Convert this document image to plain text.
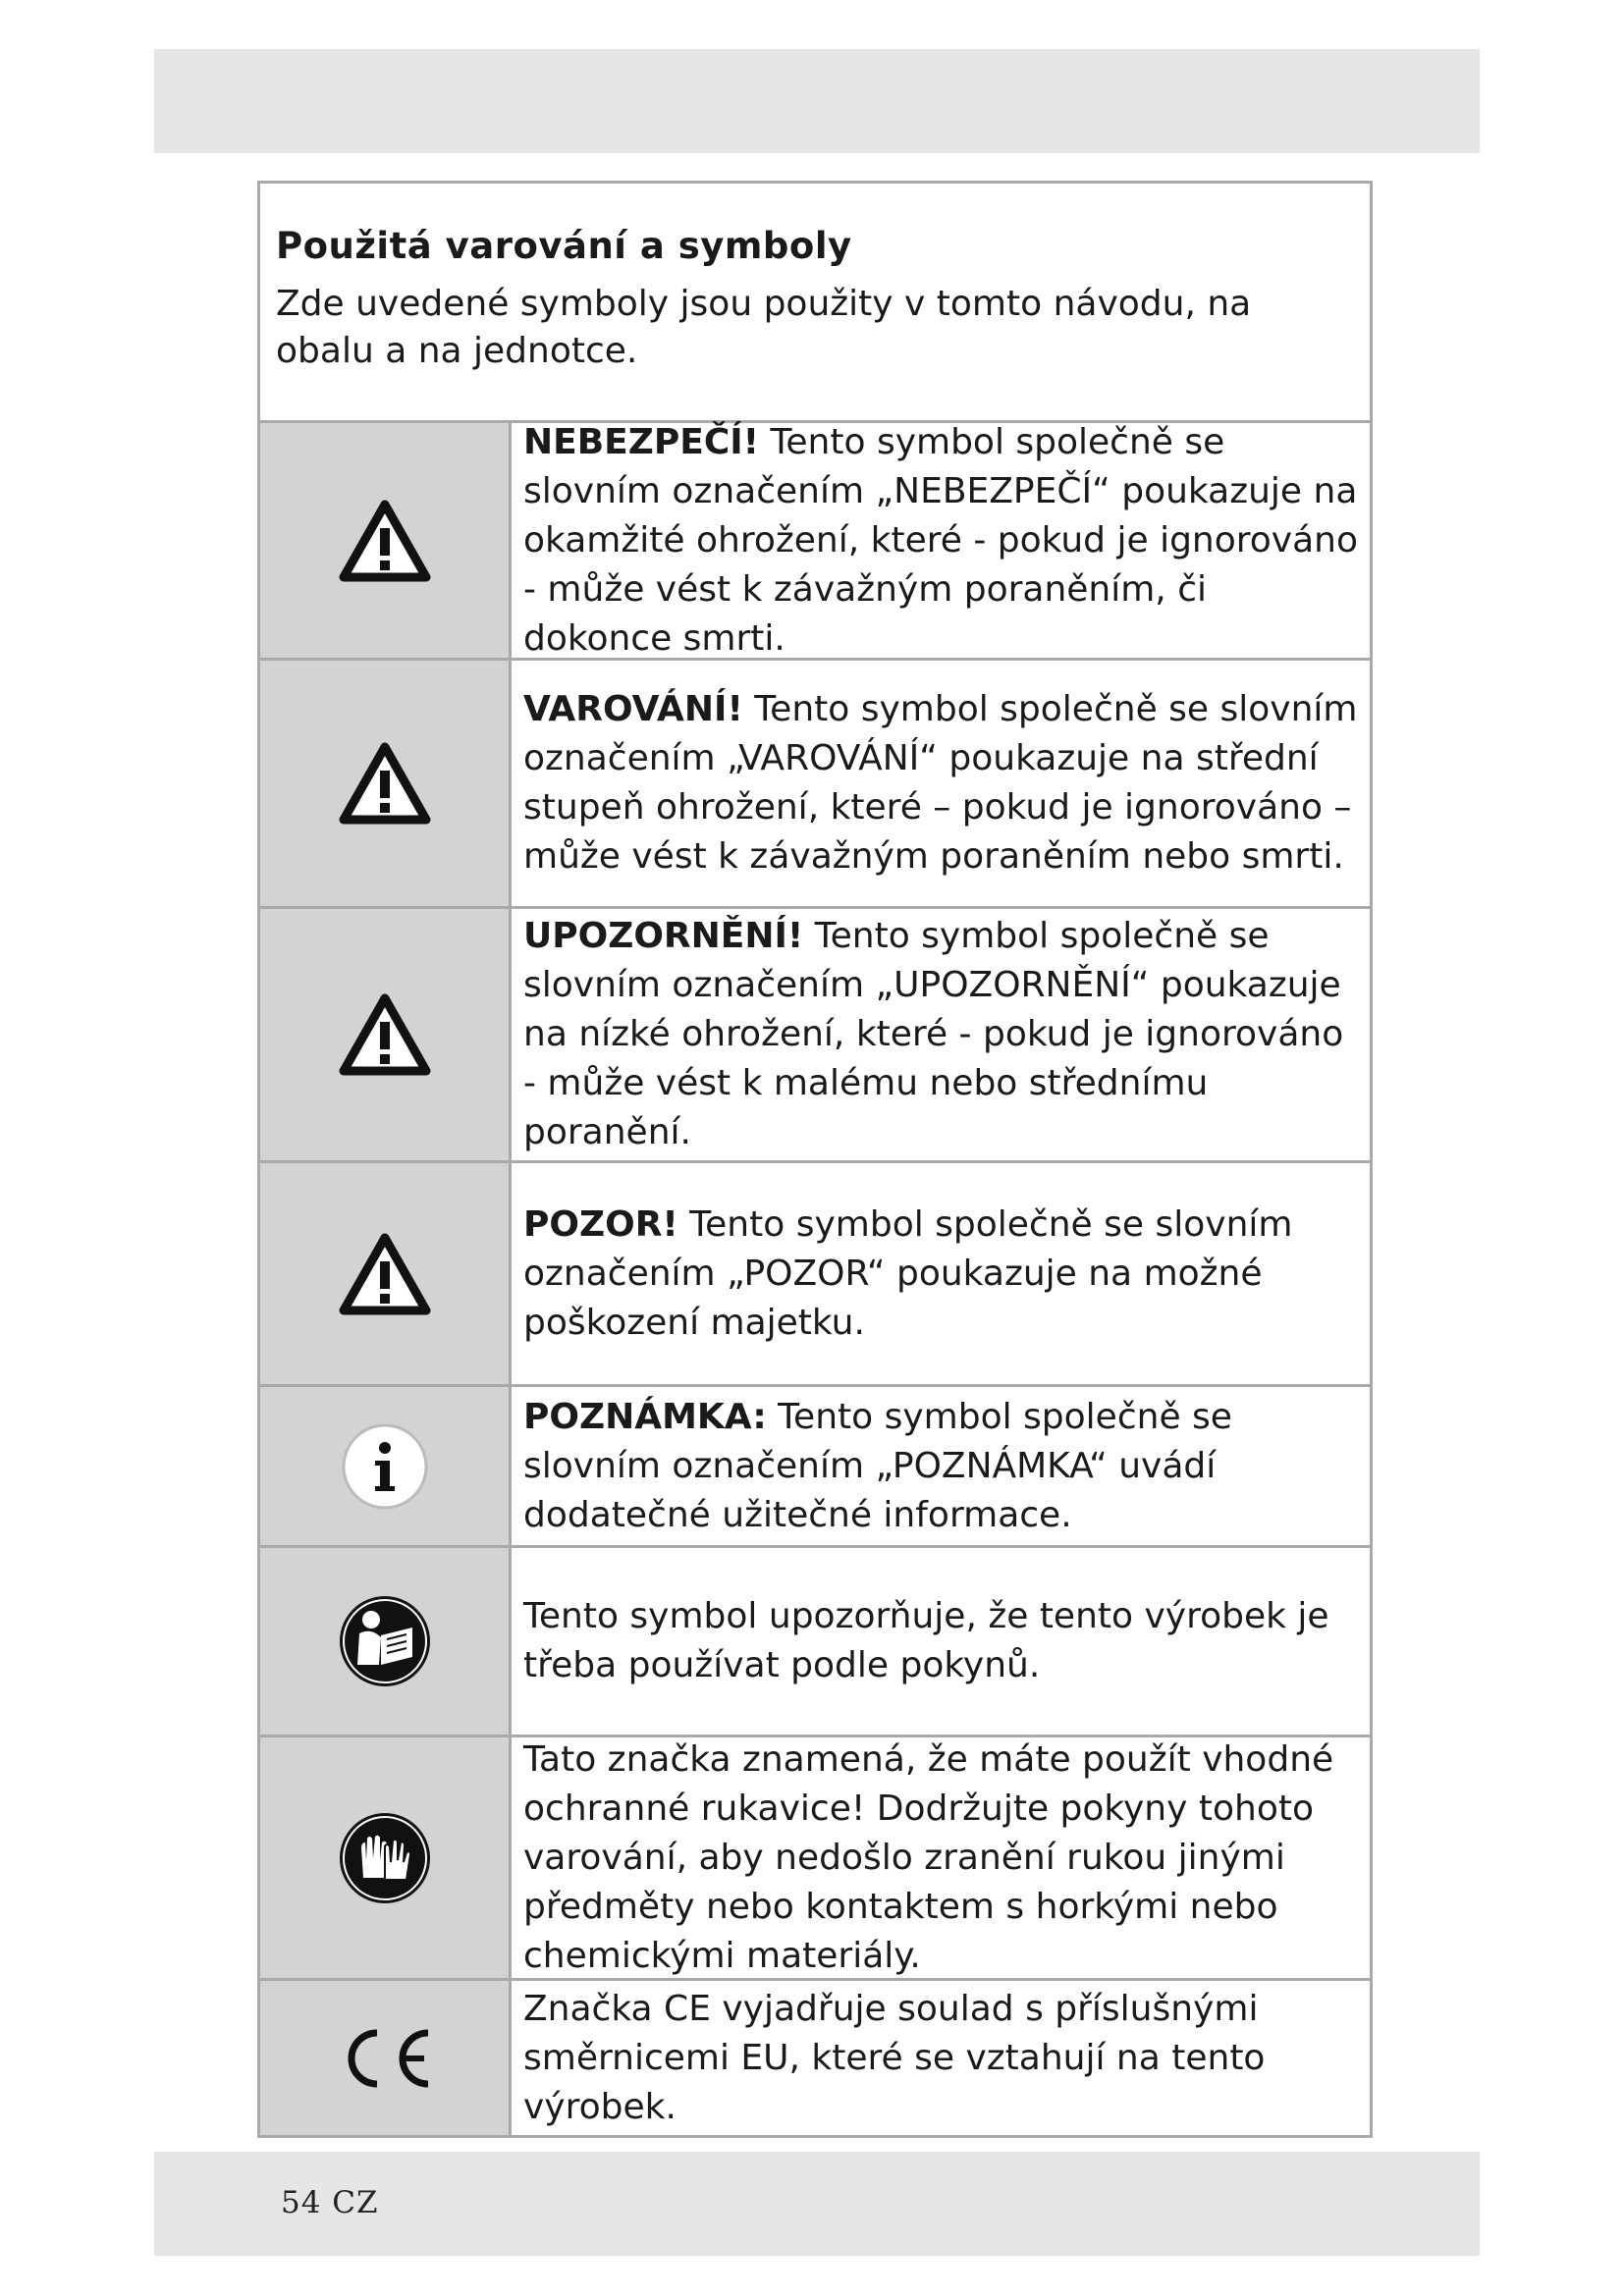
Použitá varování a symboly

Zde uvedené symboly jsou použity v tomto návodu, na obalu a na jednotce.

NEBEZPEČÍ! Tento symbol společně se slovním označením „NEBEZPEČÍ“ poukazuje na okamžité ohrožení, které - pokud je ignorováno - může vést k závažným poraněním, či dokonce smrti.

VAROVÁNÍ! Tento symbol společně se slovním označením „VAROVÁNÍ“ poukazuje na střední stupeň ohrožení, které – pokud je ignorováno – může vést k závažným poraněním nebo smrti.

UPOZORNĚNÍ! Tento symbol společně se slovním označením „UPOZORNĚNÍ“ poukazuje na nízké ohrožení, které - pokud je ignorováno - může vést k malému nebo střednímu poranění.

POZOR! Tento symbol společně se slovním označením „POZOR“ poukazuje na možné poškození majetku.

POZNÁMKA: Tento symbol společně se slovním označením „POZNÁMKA“ uvádí dodatečné užitečné informace.

Tento symbol upozorňuje, že tento výrobek je třeba používat podle pokynů.

Tato značka znamená, že máte použít vhodné ochranné rukavice! Dodržujte pokyny tohoto varování, aby nedošlo zranění rukou jinými předměty nebo kontaktem s horkými nebo chemickými materiály.

Značka CE vyjadřuje soulad s příslušnými směrnicemi EU, které se vztahují na tento výrobek.

54 CZ
